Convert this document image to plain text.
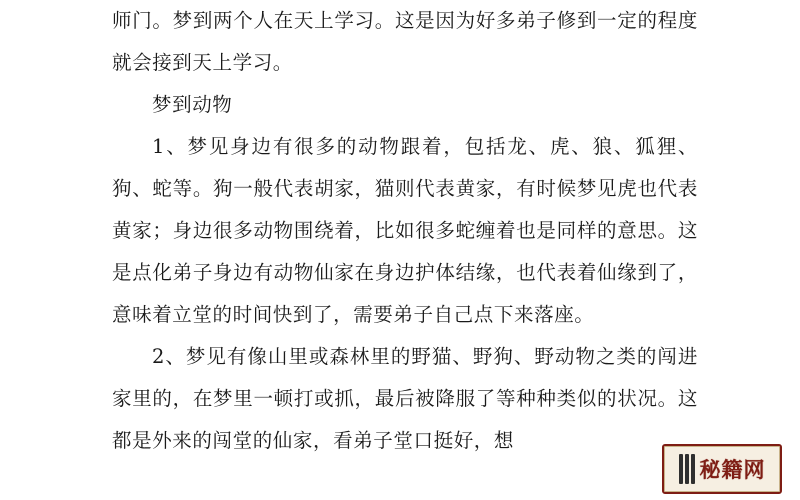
师门。梦到两个人在天上学习。这是因为好多弟子修到一定的程度就会接到天上学习。

梦到动物

1、梦见身边有很多的动物跟着，包括龙、虎、狼、狐狸、狗、蛇等。狗一般代表胡家，猫则代表黄家，有时候梦见虎也代表黄家；身边很多动物围绕着，比如很多蛇缠着也是同样的意思。这是点化弟子身边有动物仙家在身边护体结缘，也代表着仙缘到了，意味着立堂的时间快到了，需要弟子自己点下来落座。

2、梦见有像山里或森林里的野猫、野狗、野动物之类的闯进家里的，在梦里一顿打或抓，最后被降服了等种种类似的状况。这都是外来的闯堂的仙家，看弟子堂口挺好，想

秘籍网
